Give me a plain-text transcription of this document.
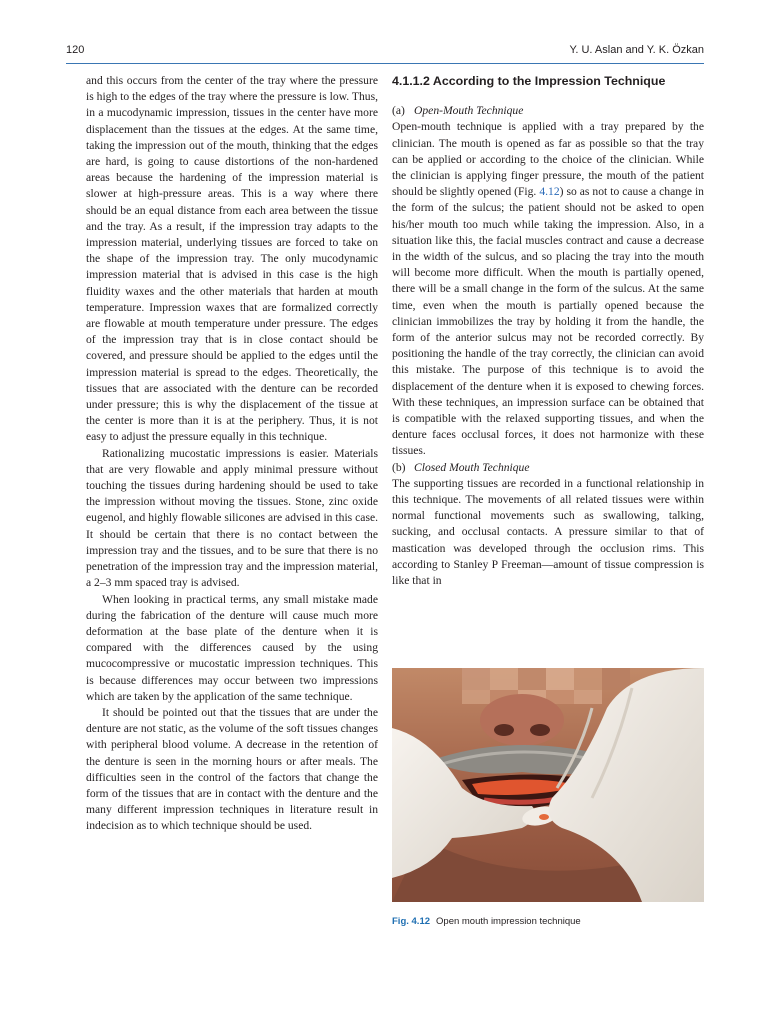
120	Y. U. Aslan and Y. K. Özkan

and this occurs from the center of the tray where the pressure is high to the edges of the tray where the pressure is low. Thus, in a mucodynamic impression, tissues in the center have more displacement than the tissues at the edges. At the same time, taking the impression out of the mouth, thinking that the edges are hard, is going to cause distortions of the non-hardened areas because the hardening of the impression material is slower at high-pressure areas. This is a way where there should be an equal distance from each area between the tissue and the tray. As a result, if the impression tray adapts to the impression material, underlying tissues are forced to take on the shape of the impression tray. The only mucodynamic impression material that is advised in this case is the high fluidity waxes and the other materials that harden at mouth temperature. Impression waxes that are formalized correctly are flowable at mouth temperature under pressure. The edges of the impression tray that is in close contact should be covered, and pressure should be applied to the edges until the impression material is spread to the edges. Theoretically, the tissues that are associated with the denture can be recorded under pressure; this is why the displacement of the tissue at the center is more than it is at the periphery. Thus, it is not easy to adjust the pressure equally in this technique.

Rationalizing mucostatic impressions is easier. Materials that are very flowable and apply minimal pressure without touching the tissues during hardening should be used to take the impression without moving the tissues. Stone, zinc oxide eugenol, and highly flowable silicones are advised in this case. It should be certain that there is no contact between the impression tray and the tissues, and to be sure that there is no penetration of the impression tray and the impression material, a 2–3 mm spaced tray is advised.

When looking in practical terms, any small mistake made during the fabrication of the denture will cause much more deformation at the base plate of the denture when it is compared with the differences caused by the using mucocompressive or mucostatic impression techniques. This is because differences may occur between two impressions which are taken by the application of the same technique.

It should be pointed out that the tissues that are under the denture are not static, as the volume of the soft tissues changes with peripheral blood volume. A decrease in the retention of the denture is seen in the morning hours or after meals. The difficulties seen in the control of the factors that change the form of the tissues that are in contact with the denture and the many different impression techniques in literature result in indecision as to which technique should be used.

4.1.1.2 According to the Impression Technique
(a) Open-Mouth Technique

Open-mouth technique is applied with a tray prepared by the clinician. The mouth is opened as far as possible so that the tray can be applied or according to the choice of the clinician. While the clinician is applying finger pressure, the mouth of the patient should be slightly opened (Fig. 4.12) so as not to cause a change in the form of the sulcus; the patient should not be asked to open his/her mouth too much while taking the impression. Also, in a situation like this, the facial muscles contract and cause a decrease in the width of the sulcus, and so placing the tray into the mouth will become more difficult. When the mouth is partially opened, there will be a small change in the form of the sulcus. At the same time, even when the mouth is partially opened because the clinician immobilizes the tray by holding it from the handle, the form of the anterior sulcus may not be recorded correctly. By positioning the handle of the tray correctly, the clinician can avoid this mistake. The purpose of this technique is to avoid the displacement of the denture when it is exposed to chewing forces. With these techniques, an impression surface can be obtained that is compatible with the relaxed supporting tissues, and when the denture faces occlusal forces, it does not harmonize with these tissues.

(b) Closed Mouth Technique

The supporting tissues are recorded in a functional relationship in this technique. The movements of all related tissues were within normal functional movements such as swallowing, talking, sucking, and occlusal contacts. A pressure similar to that of mastication was developed through the occlusion rims. This according to Stanley P Freeman—amount of tissue compression is like that in

Fig. 4.12 Open mouth impression technique
